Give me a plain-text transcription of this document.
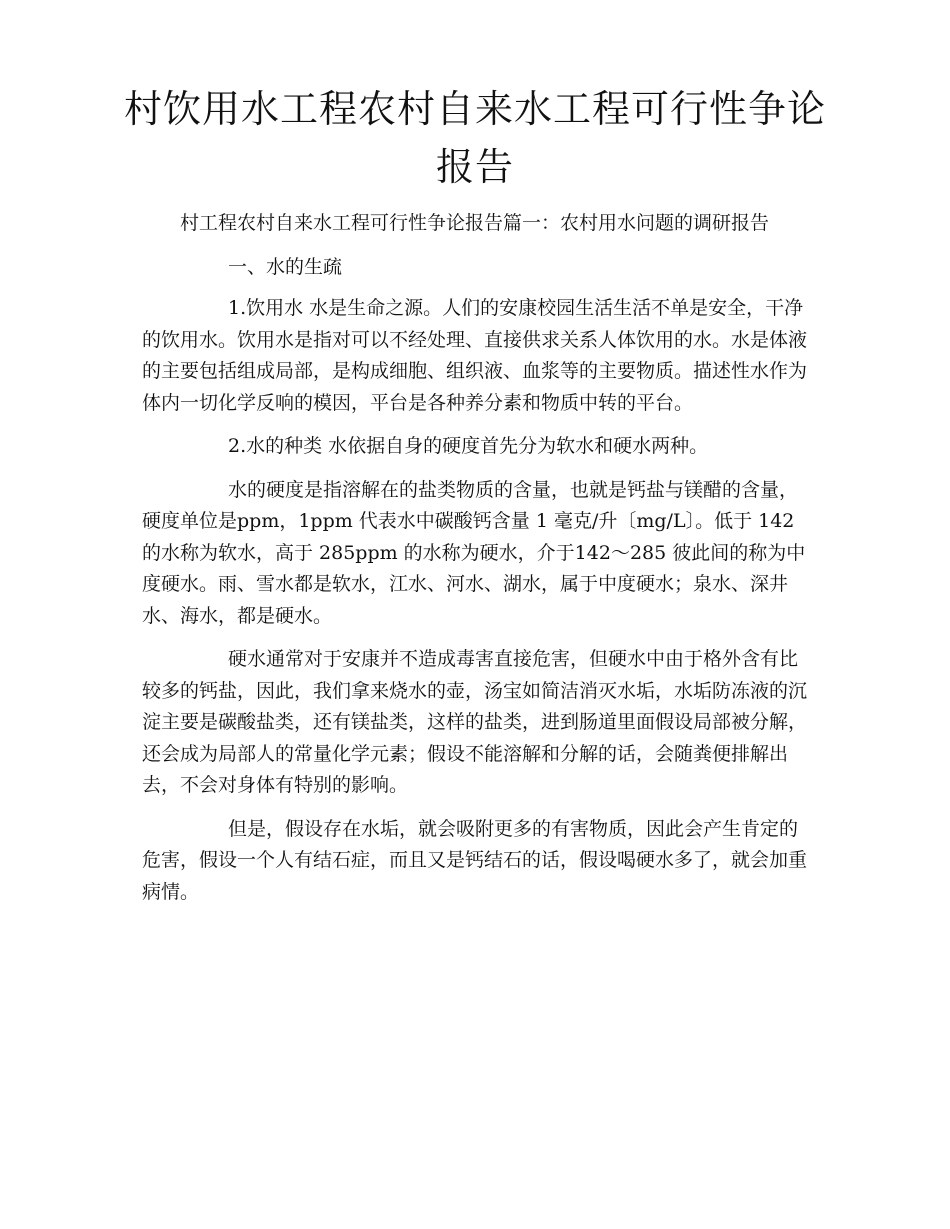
村饮用水工程农村自来水工程可行性争论报告

村工程农村自来水工程可行性争论报告篇一：农村用水问题的调研报告

一、水的生疏

1.饮用水 水是生命之源。人们的安康校园生活生活不单是安全，干净的饮用水。饮用水是指对可以不经处理、直接供求关系人体饮用的水。水是体液的主要包括组成局部，是构成细胞、组织液、血浆等的主要物质。描述性水作为体内一切化学反响的模因，平台是各种养分素和物质中转的平台。

2.水的种类 水依据自身的硬度首先分为软水和硬水两种。

水的硬度是指溶解在的盐类物质的含量，也就是钙盐与镁醋的含量，硬度单位是ppm，1ppm 代表水中碳酸钙含量 1 毫克/升〔mg/L〕。低于 142 的水称为软水，高于 285ppm 的水称为硬水，介于142～285 彼此间的称为中度硬水。雨、雪水都是软水，江水、河水、湖水，属于中度硬水；泉水、深井水、海水，都是硬水。

硬水通常对于安康并不造成毒害直接危害，但硬水中由于格外含有比较多的钙盐，因此，我们拿来烧水的壶，汤宝如简洁消灭水垢，水垢防冻液的沉淀主要是碳酸盐类，还有镁盐类，这样的盐类，进到肠道里面假设局部被分解，还会成为局部人的常量化学元素；假设不能溶解和分解的话，会随粪便排解出去，不会对身体有特别的影响。

但是，假设存在水垢，就会吸附更多的有害物质，因此会产生肯定的危害，假设一个人有结石症，而且又是钙结石的话，假设喝硬水多了，就会加重病情。
